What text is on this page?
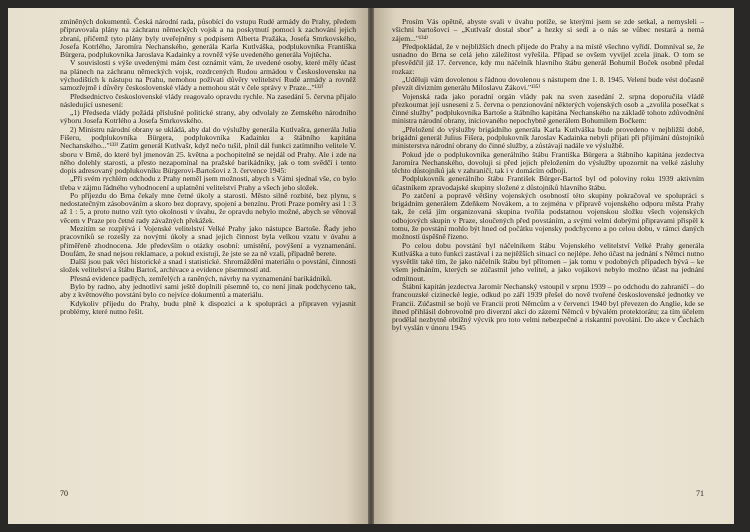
zmíněných dokumentů. Česká národní rada, působící do vstupu Rudé armády do Prahy, předem připravovala plány na záchranu německých vojsk a na poskytnutí pomoci k zachování jejich zbraní, přičemž tyto plány byly uveřejněny s podpisem Alberta Pražáka, Josefa Smrkovského, Josefa Kotrlého, Jaromíra Nechanského, generála Karla Kutlváška, podplukovníka Františka Bürgera, podplukovníka Jaroslava Kadainky a rovněž výše uvedeného generála Vojtěcha.

V souvislosti s výše uvedenými mám čest oznámit vám, že uvedené osoby, které měly účast na plánech na záchranu německých vojsk, rozdrcených Rudou armádou v Československu na východištích k nástupu na Prahu, nemohou požívati důvěry velitelství Rudé armády a rovněž samozřejmě i důvěry československé vlády a nemohou stát v čele správy v Praze..."¹³²⁾

Předsednictvo československé vlády reagovalo opravdu rychle. Na zasedání 5. června přijalo následující usnesení:

„1) Předseda vlády požádá příslušné politické strany, aby odvolaly ze Zemského národního výboru Josefa Kotrlého a Josefa Smrkovského.

2) Ministru národní obrany se ukládá, aby dal do výslužby generála Kutlvašra, generála Julia Fišeru, podplukovníka Bürgera, podplukovníka Kadainku a štábního kapitána Nechanského..."¹³³⁾ Zatím generál Kutlvašr, když nečo tušil, plnil dál funkci zatímního velitele V. sboru v Brně, do které byl jmenován 25. května a pochopitelně se nejdál od Prahy. Ale i zde na něho dolehly starosti, a přesto nezapomínal na pražské barikádníky, jak o tom svědčí i tento dopis adresovaný podplukovníku Bürgerovi-Bartošovi z 3. července 1945:

„Při svém rychlém odchodu z Prahy neměl jsem možnosti, abych s Vámi sjednal vše, co bylo třeba v zájmu řádného vyhodnocení a uplatnění velitelství Prahy a všech jeho složek.

Po příjezdu do Brna čekaly mne četné úkoly a starosti. Město silně rozbité, bez plynu, s nedostatečným zásobováním a skoro bez dopravy, spojení a benzínu. Proti Praze poměry asi 1 : 3 až 1 : 5, a proto nutno vzít tyto okolnosti v úvahu, že opravdu nebylo možné, abych se věnoval věcem v Praze pro četné rady závažných překážek.

Mezitím se rozplývá i Vojenské velitelství Velké Prahy jako nástupce Bartoše. Řady jeho pracovníků se rozešly za novými úkoly a snad jejich činnost byla velkou vzatu v úvahu a přiměřeně zhodnocena. Jde především o otázky osobní: umístění, povýšení a vyznamenání. Doufám, že snad nejsou reklamace, a pokud existují, že jste se za ně vzali, případně berete.

Další jsou pak věci historické a snad i statistické. Shromáždění materiálu o povstání, činnosti složek velitelství a štábu Bartoš, archivace a evidence písemností atd.

Přesná evidence padlých, zemřelých a raněných, návrhy na vyznamenání barikádníků.

Bylo by radno, aby jednotliví sami ještě doplnili písemně to, co není jinak podchyceno tak, aby z květnového povstání bylo co nejvíce dokumentů a materiálu.

Kdykoliv příjedu do Prahy, budu plně k dispozici a k spolupráci a připraven vyjasnit problémy, které nutno řešit.

70

Prosím Vás opětně, abyste svali v úvahu potíže, se kterými jsem se zde setkal, a nemysleli – všichni bartošovci – „Kutlvašr dostal sbor" a hezky si sedí a o nás se vůbec nestará a nemá zájem..."¹³⁴⁾

Předpokládal, že v nejbližších dnech přijede do Prahy a na místě všechno vyřídí. Domníval se, že usnadno do Brna se celá jeho záležitost vyřešila. Případ se ovšem vyvíjel zcela jinak. O tom se přesvědčil již 17. července, kdy mu náčelník hlavního štábu generál Bohumil Boček osobně předal rozkaz:

„Uděluji vám dovolenou s řádnou dovolenou s nástupem dne 1. 8. 1945. Velení bude vést dočasně převzít divizním generálu Miloslavu Zákovi."¹³⁵⁾

Vojenská rada jako poradní orgán vlády pak na sven zasedání 2. srpna doporučila vládě přezkoumat její usnesení z 5. června o penzionování některých vojenských osob a „zvolila posečkat s činné služby" podplukovníka Bartoše a štábního kapitána Nechanského na základě tohoto zdůvodnění ministra národní obrany, iniciovaného nepochybně generálem Bohumilem Bočkem:

„Přeložení do výslužby brigádního generála Karla Kutlváška bude provedeno v nejbližší době, brigádní generál Julius Fišera, podplukovník Jaroslav Kadainka nebyli přijati při přijímání důstojníků ministerstva národní obrany do činné služby, a zůstávají nadále ve výslužbě.

Pokud jde o podplukovníka generálního štábu Františka Bürgera a štábního kapitána jezdectva Jaromíra Nechanského, dovoluji si před jejich přeložením do výslužby upozornit na velké zásluhy těchto důstojníků jak v zahraničí, tak i v domácím odboji.

Podplukovník generálního štábu František Bürger-Bartoš byl od poloviny roku 1939 aktivním účastníkem zpravodajské skupiny složené z důstojníků hlavního štábu.

Po zatčení a popravě většiny vojenských osobností této skupiny pokračoval ve spolupráci s brigádním generálem Zdeňkem Novákem, a to zejména v přípravě vojenského odporu města Prahy tak, že celá jím organizovaná skupina tvořila podstatnou vojenskou složku všech vojenských odbojových skupin v Praze, sloučených před povstáním, a svými velmi dobrými připravami přispěl k tomu, že povstání mohlo být hned od počátku vojensky podchyceno a po celou dobu, v rámci daných možností úspěšně řízeno.

Po celou dobu povstání byl náčelníkem štábu Vojenského velitelství Velké Prahy generála Kutlváška a tuto funkci zastával i za nejtěžších situací co nejlépe. Jeho účast na jednání s Němci nutno vysvětlit také tím, že jako náčelník štábu byl přítomen – jak tomu v podobných případech bývá – ke všem jednáním, kterých se zúčastnil jeho velitel, a jako vojákovi nebylo možno účast na jednání odmítnout.

Štábní kapitán jezdectva Jaromír Nechanský vstoupil v srpnu 1939 – po odchodu do zahraničí – do francouzské cizinecké legie, odkud po září 1939 přešel do nově tvořené československé jednotky ve Francii. Zúčastnil se bojů ve Francii proti Němcům a v červenci 1940 byl převezen do Anglie, kde se ihned přihlásil dobrovolně pro diverzní akci do zázemí Němců v bývalém protektorátu; za tím účelem prodělal nezbytně obtížný výcvik pro toto velmi nebezpečné a riskantní povolání. Do akce v Čechách byl vyslán v únoru 1945

71
